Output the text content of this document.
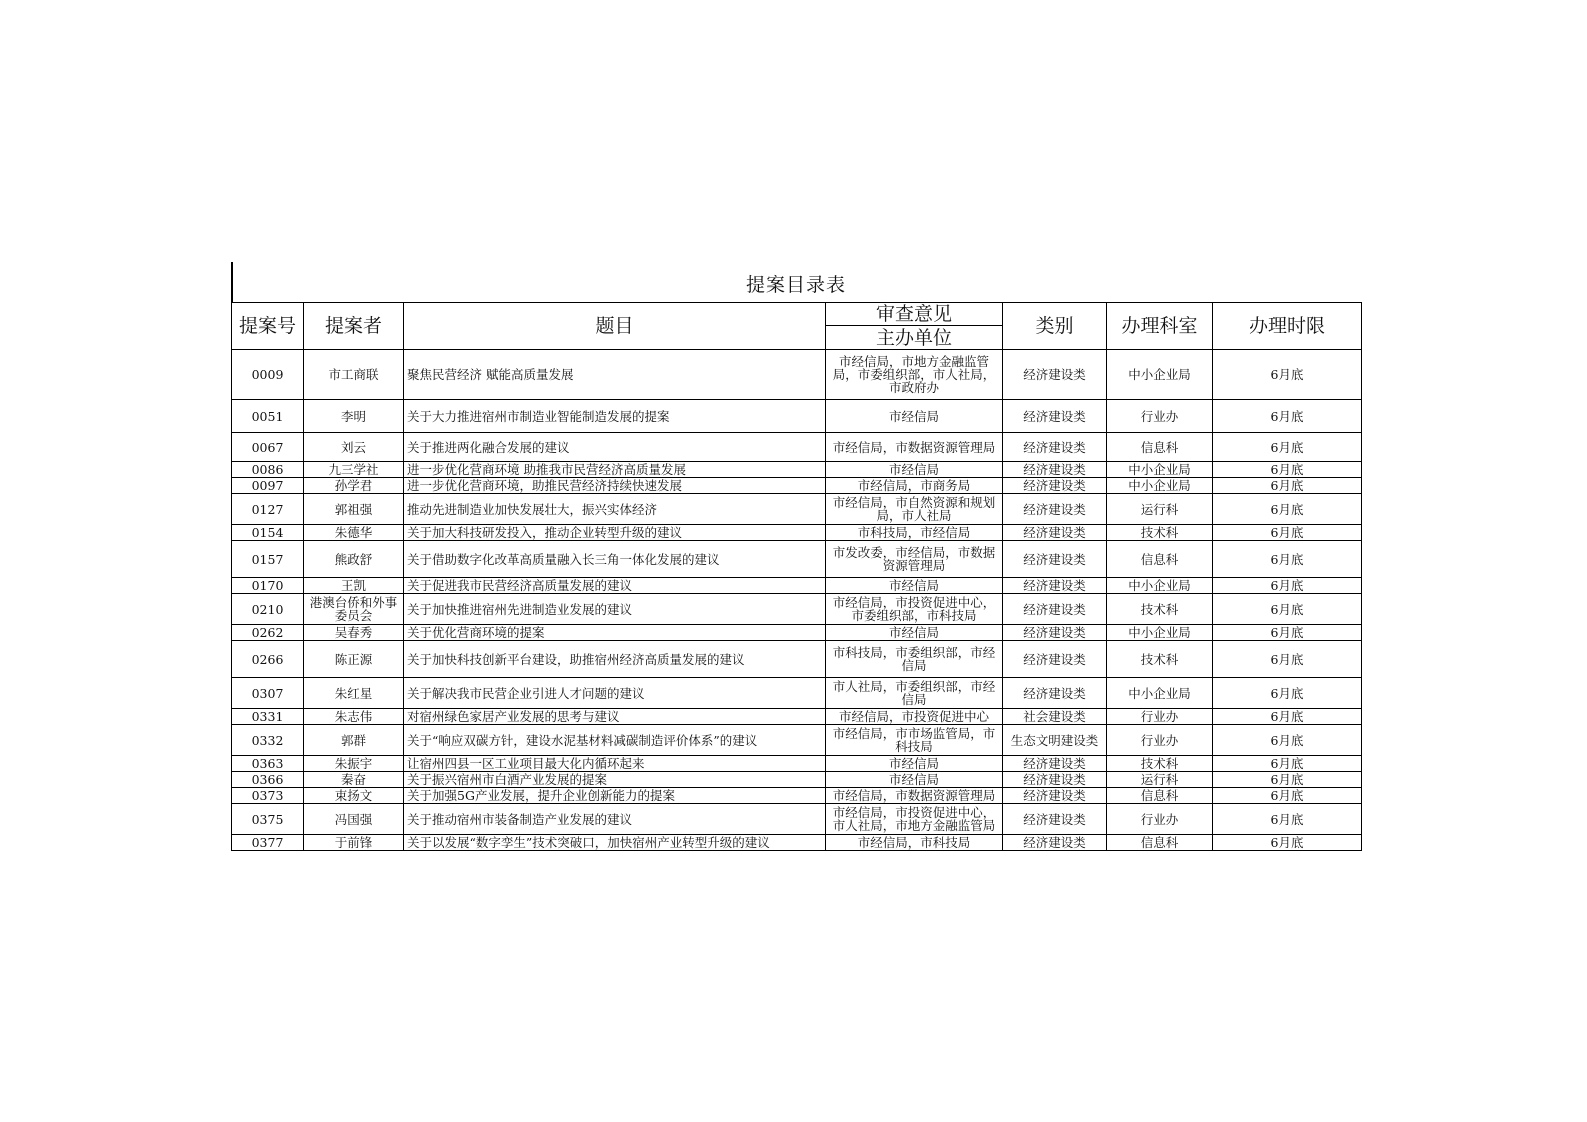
提案目录表
提案号	提案者	题目	审查意见	类别	办理科室	办理时限
			主办单位			
0009	市工商联	聚焦民营经济 赋能高质量发展	市经信局，市地方金融监管局，市委组织部，市人社局，市政府办	经济建设类	中小企业局	6月底
0051	李明	关于大力推进宿州市制造业智能制造发展的提案	市经信局	经济建设类	行业办	6月底
0067	刘云	关于推进两化融合发展的建议	市经信局，市数据资源管理局	经济建设类	信息科	6月底
0086	九三学社	进一步优化营商环境 助推我市民营经济高质量发展	市经信局	经济建设类	中小企业局	6月底
0097	孙学君	进一步优化营商环境，助推民营经济持续快速发展	市经信局，市商务局	经济建设类	中小企业局	6月底
0127	郭祖强	推动先进制造业加快发展壮大，振兴实体经济	市经信局，市自然资源和规划局，市人社局	经济建设类	运行科	6月底
0154	朱德华	关于加大科技研发投入，推动企业转型升级的建议	市科技局，市经信局	经济建设类	技术科	6月底
0157	熊政舒	关于借助数字化改革高质量融入长三角一体化发展的建议	市发改委，市经信局，市数据资源管理局	经济建设类	信息科	6月底
0170	王凯	关于促进我市民营经济高质量发展的建议	市经信局	经济建设类	中小企业局	6月底
0210	港澳台侨和外事委员会	关于加快推进宿州先进制造业发展的建议	市经信局，市投资促进中心，市委组织部，市科技局	经济建设类	技术科	6月底
0262	吴春秀	关于优化营商环境的提案	市经信局	经济建设类	中小企业局	6月底
0266	陈正源	关于加快科技创新平台建设，助推宿州经济高质量发展的建议	市科技局，市委组织部，市经信局	经济建设类	技术科	6月底
0307	朱红星	关于解决我市民营企业引进人才问题的建议	市人社局，市委组织部，市经信局	经济建设类	中小企业局	6月底
0331	朱志伟	对宿州绿色家居产业发展的思考与建议	市经信局，市投资促进中心	社会建设类	行业办	6月底
0332	郭群	关于“响应双碳方针，建设水泥基材料减碳制造评价体系”的建议	市经信局，市市场监管局，市科技局	生态文明建设类	行业办	6月底
0363	朱振宇	让宿州四县一区工业项目最大化内循环起来	市经信局	经济建设类	技术科	6月底
0366	秦奋	关于振兴宿州市白酒产业发展的提案	市经信局	经济建设类	运行科	6月底
0373	束扬文	关于加强5G产业发展，提升企业创新能力的提案	市经信局，市数据资源管理局	经济建设类	信息科	6月底
0375	冯国强	关于推动宿州市装备制造产业发展的建议	市经信局，市投资促进中心，市人社局，市地方金融监管局	经济建设类	行业办	6月底
0377	于前锋	关于以发展“数字孪生”技术突破口，加快宿州产业转型升级的建议	市经信局，市科技局	经济建设类	信息科	6月底
